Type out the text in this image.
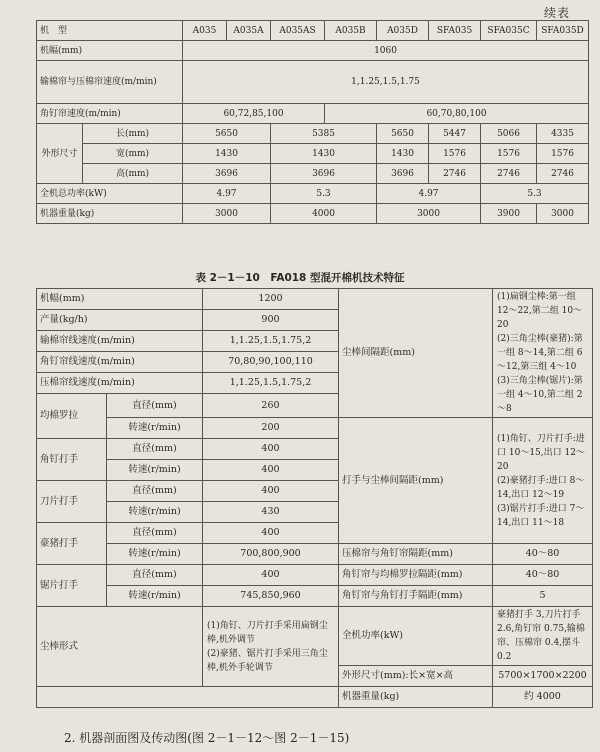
续表
机　型		A035	A035A	A035AS	A035B	A035D	SFA035	SFA035C	SFA035D
机幅(mm)		1060							
输棉帘与压棉帘速度(m/min)		1,1.25,1.5,1.75							
角钉帘速度(m/min)		60,72,85,100			60,70,80,100				
外形尺寸	长(mm)	5650		5385		5650	5447	5066	4335
	宽(mm)	1430		1430		1430	1576	1576	1576
	高(mm)	3696		3696		3696	2746	2746	2746
全机总功率(kW)		4.97		5.3		4.97		5.3	
机器重量(kg)		3000		4000		3000		3900	3000
表 2－1－10　FA018 型混开棉机技术特征
机幅(mm)		1200	尘棒间隔距(mm)	(1)扁钢尘棒:第一组 12～22,第二组 10～20
(2)三角尘棒(豪猪):第一组 8～14,第二组 6～12,第三组 4～10
(3)三角尘棒(锯片):第一组 4～10,第二组 2～8

产量(kg/h)		900		
输棉帘线速度(m/min)		1,1.25,1.5,1.75,2		
角钉帘线速度(m/min)		70,80,90,100,110		
压棉帘线速度(m/min)		1,1.25,1.5,1.75,2		
均棉罗拉	直径(mm)	260		
	转速(r/min)	200	打手与尘棒间隔距(mm)	(1)角钉、刀片打手:进口 10～15,出口 12～20
(2)豪猪打手:进口 8～14,出口 12～19
(3)锯片打手:进口 7～14,出口 11～18

角钉打手	直径(mm)	400		
	转速(r/min)	400		
刀片打手	直径(mm)	400		
	转速(r/min)	430		
豪猪打手	直径(mm)	400		
	转速(r/min)	700,800,900	压棉帘与角钉帘隔距(mm)	40～80
锯片打手	直径(mm)	400	角钉帘与均棉罗拉隔距(mm)	40～80
	转速(r/min)	745,850,960	角钉帘与角钉打手隔距(mm)	5
尘棒形式		(1)角钉、刀片打手采用扁钢尘棒,机外调节
(2)豪猪、锯片打手采用三角尘棒,机外手轮调节	全机功率(kW)	豪猪打手 3,刀片打手 2.6,角钉帘 0.75,输棉帘、压棉帘 0.4,摆斗 0.2
			外形尺寸(mm):长×宽×高	5700×1700×2200
			机器重量(kg)	约 4000
2. 机器剖面图及传动图(图 2－1－12～图 2－1－15)
